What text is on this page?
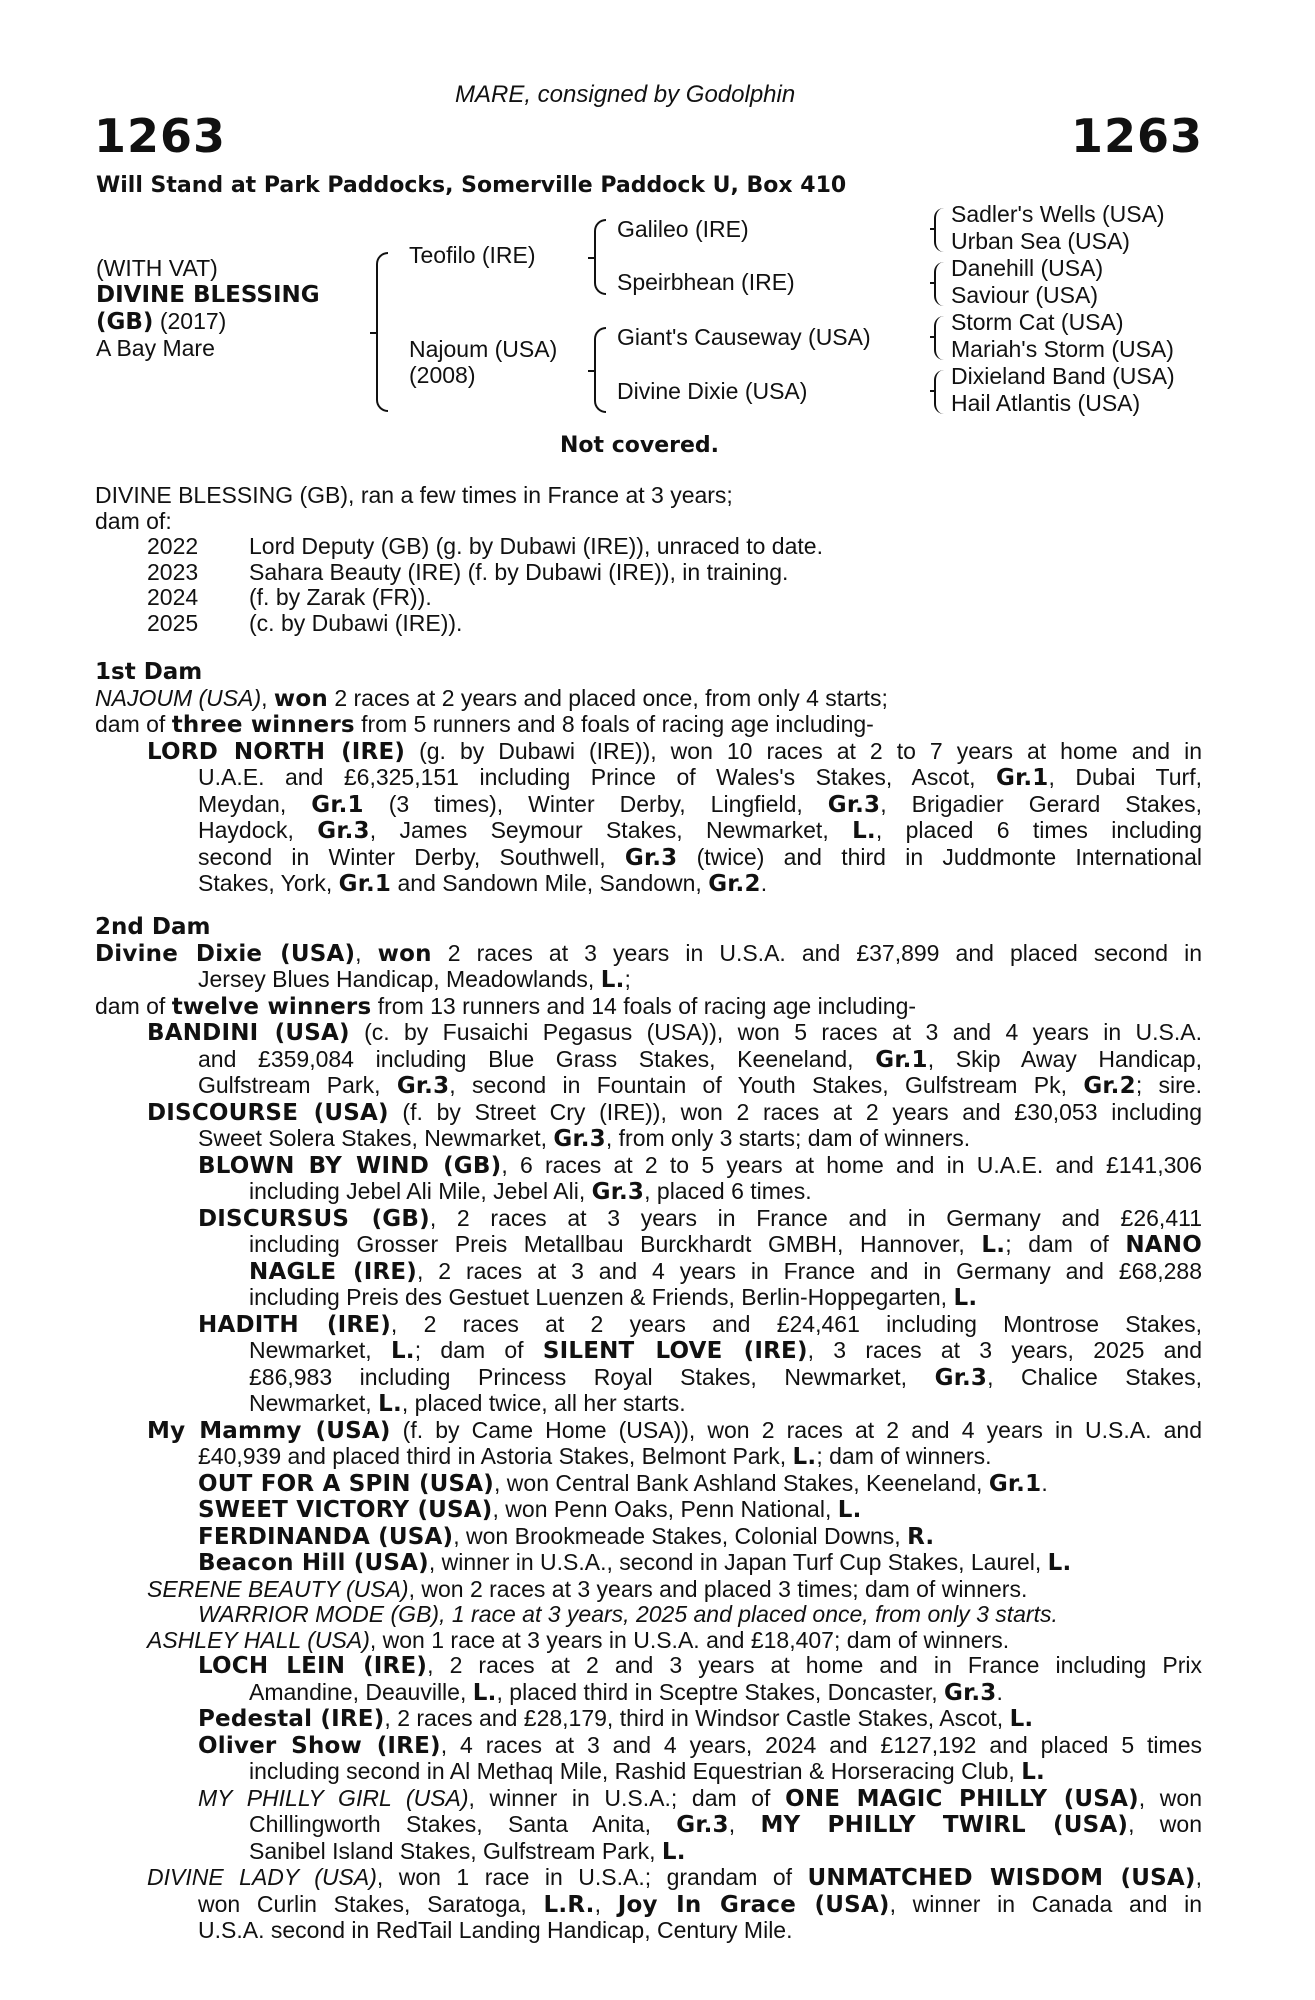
MARE, consigned by Godolphin
1263	1263
Will Stand at Park Paddocks, Somerville Paddock U, Box 410
(WITH VAT)
DIVINE BLESSING
(GB) (2017)
A Bay Mare
Teofilo (IRE)
Najoum (USA)
(2008)
Galileo (IRE)
Speirbhean (IRE)
Giant's Causeway (USA)
Divine Dixie (USA)
Sadler's Wells (USA)
Urban Sea (USA)
Danehill (USA)
Saviour (USA)
Storm Cat (USA)
Mariah's Storm (USA)
Dixieland Band (USA)
Hail Atlantis (USA)
Not covered.
DIVINE BLESSING (GB), ran a few times in France at 3 years;
dam of:
2022	Lord Deputy (GB) (g. by Dubawi (IRE)), unraced to date.
2023	Sahara Beauty (IRE) (f. by Dubawi (IRE)), in training.
2024	(f. by Zarak (FR)).
2025	(c. by Dubawi (IRE)).
1st Dam
NAJOUM (USA), won 2 races at 2 years and placed once, from only 4 starts;
dam of three winners from 5 runners and 8 foals of racing age including-
LORD NORTH (IRE) (g. by Dubawi (IRE)), won 10 races at 2 to 7 years at home and in
U.A.E. and £6,325,151 including Prince of Wales's Stakes, Ascot, Gr.1, Dubai Turf,
Meydan, Gr.1 (3 times), Winter Derby, Lingfield, Gr.3, Brigadier Gerard Stakes,
Haydock, Gr.3, James Seymour Stakes, Newmarket, L., placed 6 times including
second in Winter Derby, Southwell, Gr.3 (twice) and third in Juddmonte International
Stakes, York, Gr.1 and Sandown Mile, Sandown, Gr.2.
2nd Dam
Divine Dixie (USA), won 2 races at 3 years in U.S.A. and £37,899 and placed second in
Jersey Blues Handicap, Meadowlands, L.;
dam of twelve winners from 13 runners and 14 foals of racing age including-
BANDINI (USA) (c. by Fusaichi Pegasus (USA)), won 5 races at 3 and 4 years in U.S.A.
and £359,084 including Blue Grass Stakes, Keeneland, Gr.1, Skip Away Handicap,
Gulfstream Park, Gr.3, second in Fountain of Youth Stakes, Gulfstream Pk, Gr.2; sire.
DISCOURSE (USA) (f. by Street Cry (IRE)), won 2 races at 2 years and £30,053 including
Sweet Solera Stakes, Newmarket, Gr.3, from only 3 starts; dam of winners.
BLOWN BY WIND (GB), 6 races at 2 to 5 years at home and in U.A.E. and £141,306
including Jebel Ali Mile, Jebel Ali, Gr.3, placed 6 times.
DISCURSUS (GB), 2 races at 3 years in France and in Germany and £26,411
including Grosser Preis Metallbau Burckhardt GMBH, Hannover, L.; dam of NANO
NAGLE (IRE), 2 races at 3 and 4 years in France and in Germany and £68,288
including Preis des Gestuet Luenzen & Friends, Berlin-Hoppegarten, L.
HADITH (IRE), 2 races at 2 years and £24,461 including Montrose Stakes,
Newmarket, L.; dam of SILENT LOVE (IRE), 3 races at 3 years, 2025 and
£86,983 including Princess Royal Stakes, Newmarket, Gr.3, Chalice Stakes,
Newmarket, L., placed twice, all her starts.
My Mammy (USA) (f. by Came Home (USA)), won 2 races at 2 and 4 years in U.S.A. and
£40,939 and placed third in Astoria Stakes, Belmont Park, L.; dam of winners.
OUT FOR A SPIN (USA), won Central Bank Ashland Stakes, Keeneland, Gr.1.
SWEET VICTORY (USA), won Penn Oaks, Penn National, L.
FERDINANDA (USA), won Brookmeade Stakes, Colonial Downs, R.
Beacon Hill (USA), winner in U.S.A., second in Japan Turf Cup Stakes, Laurel, L.
SERENE BEAUTY (USA), won 2 races at 3 years and placed 3 times; dam of winners.
WARRIOR MODE (GB), 1 race at 3 years, 2025 and placed once, from only 3 starts.
ASHLEY HALL (USA), won 1 race at 3 years in U.S.A. and £18,407; dam of winners.
LOCH LEIN (IRE), 2 races at 2 and 3 years at home and in France including Prix
Amandine, Deauville, L., placed third in Sceptre Stakes, Doncaster, Gr.3.
Pedestal (IRE), 2 races and £28,179, third in Windsor Castle Stakes, Ascot, L.
Oliver Show (IRE), 4 races at 3 and 4 years, 2024 and £127,192 and placed 5 times
including second in Al Methaq Mile, Rashid Equestrian & Horseracing Club, L.
MY PHILLY GIRL (USA), winner in U.S.A.; dam of ONE MAGIC PHILLY (USA), won
Chillingworth Stakes, Santa Anita, Gr.3, MY PHILLY TWIRL (USA), won
Sanibel Island Stakes, Gulfstream Park, L.
DIVINE LADY (USA), won 1 race in U.S.A.; grandam of UNMATCHED WISDOM (USA),
won Curlin Stakes, Saratoga, L.R., Joy In Grace (USA), winner in Canada and in
U.S.A. second in RedTail Landing Handicap, Century Mile.
